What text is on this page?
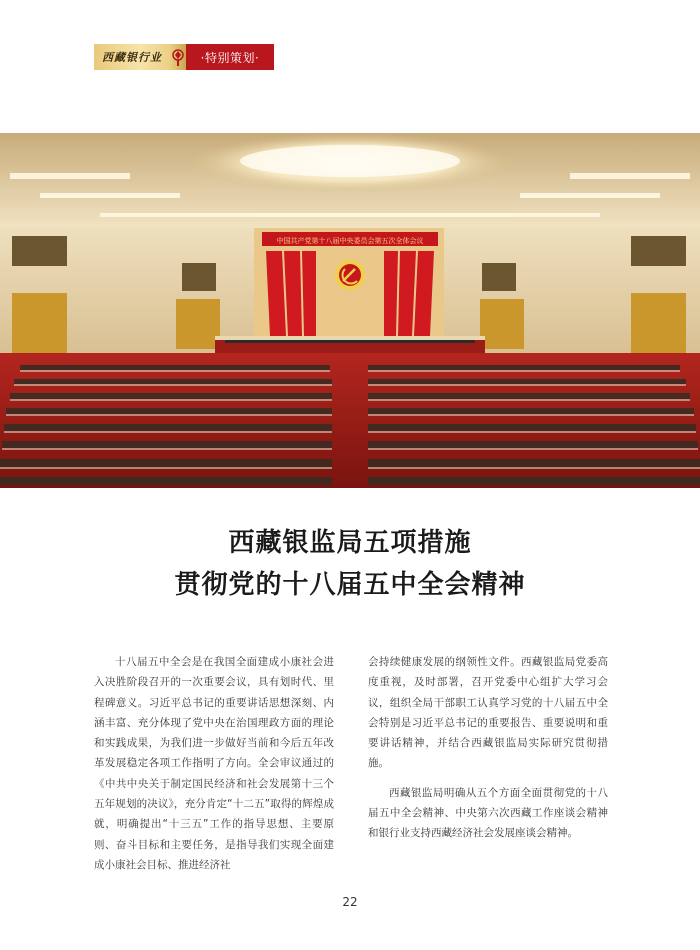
西藏银行业	·特别策划·
中国共产党第十八届中央委员会第五次全体会议
西藏银监局五项措施
贯彻党的十八届五中全会精神

十八届五中全会是在我国全面建成小康社会进入决胜阶段召开的一次重要会议，具有划时代、里程碑意义。习近平总书记的重要讲话思想深刻、内涵丰富、充分体现了党中央在治国理政方面的理论和实践成果，为我们进一步做好当前和今后五年改革发展稳定各项工作指明了方向。全会审议通过的《中共中央关于制定国民经济和社会发展第十三个五年规划的决议》，充分肯定“十二五”取得的辉煌成就，明确提出“十三五”工作的指导思想、主要原则、奋斗目标和主要任务，是指导我们实现全面建成小康社会目标、推进经济社

会持续健康发展的纲领性文件。西藏银监局党委高度重视，及时部署，召开党委中心组扩大学习会议，组织全局干部职工认真学习党的十八届五中全会特别是习近平总书记的重要报告、重要说明和重要讲话精神，并结合西藏银监局实际研究贯彻措施。

西藏银监局明确从五个方面全面贯彻党的十八届五中全会精神、中央第六次西藏工作座谈会精神和银行业支持西藏经济社会发展座谈会精神。

22
